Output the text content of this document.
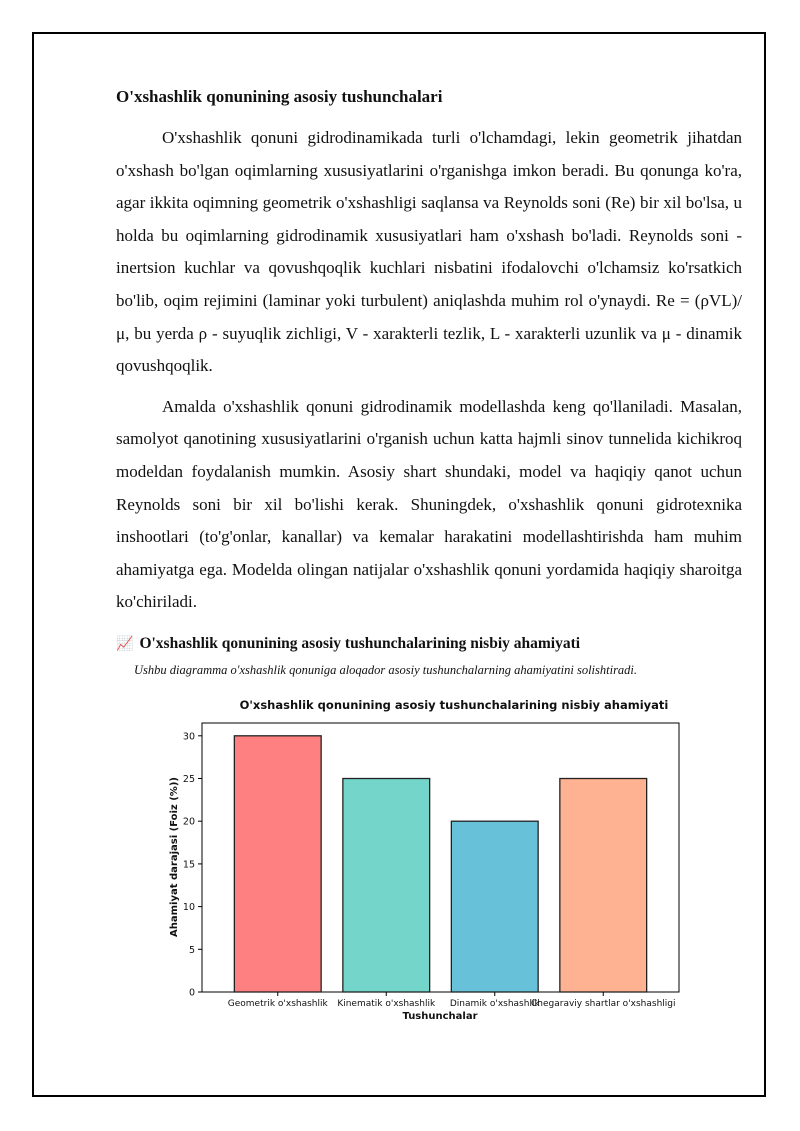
O'xshashlik qonunining asosiy tushunchalari

O'xshashlik qonuni gidrodinamikada turli o'lchamdagi, lekin geometrik jihatdan o'xshash bo'lgan oqimlarning xususiyatlarini o'rganishga imkon beradi. Bu qonunga ko'ra, agar ikkita oqimning geometrik o'xshashligi saqlansa va Reynolds soni (Re) bir xil bo'lsa, u holda bu oqimlarning gidrodinamik xususiyatlari ham o'xshash bo'ladi. Reynolds soni - inertsion kuchlar va qovushqoqlik kuchlari nisbatini ifodalovchi o'lchamsiz ko'rsatkich bo'lib, oqim rejimini (laminar yoki turbulent) aniqlashda muhim rol o'ynaydi. Re = (ρVL)/μ, bu yerda ρ - suyuqlik zichligi, V - xarakterli tezlik, L - xarakterli uzunlik va μ - dinamik qovushqoqlik.

Amalda o'xshashlik qonuni gidrodinamik modellashda keng qo'llaniladi. Masalan, samolyot qanotining xususiyatlarini o'rganish uchun katta hajmli sinov tunnelida kichikroq modeldan foydalanish mumkin. Asosiy shart shundaki, model va haqiqiy qanot uchun Reynolds soni bir xil bo'lishi kerak. Shuningdek, o'xshashlik qonuni gidrotexnika inshootlari (to'g'onlar, kanallar) va kemalar harakatini modellashtirishda ham muhim ahamiyatga ega. Modelda olingan natijalar o'xshashlik qonuni yordamida haqiqiy sharoitga ko'chiriladi.

📈 O'xshashlik qonunining asosiy tushunchalarining nisbiy ahamiyati
Ushbu diagramma o'xshashlik qonuniga aloqador asosiy tushunchalarning ahamiyatini solishtiradi.
O'xshashlik qonunining asosiy tushunchalarining nisbiy ahamiyati
0
5
10
15
20
25
30
Geometrik o'xshashlik Kinematik o'xshashlik Dinamik o'xshashlik
Chegaraviy shartlar o'xshashligi
Tushunchalar
Ahamiyat darajasi (Foiz (%))
